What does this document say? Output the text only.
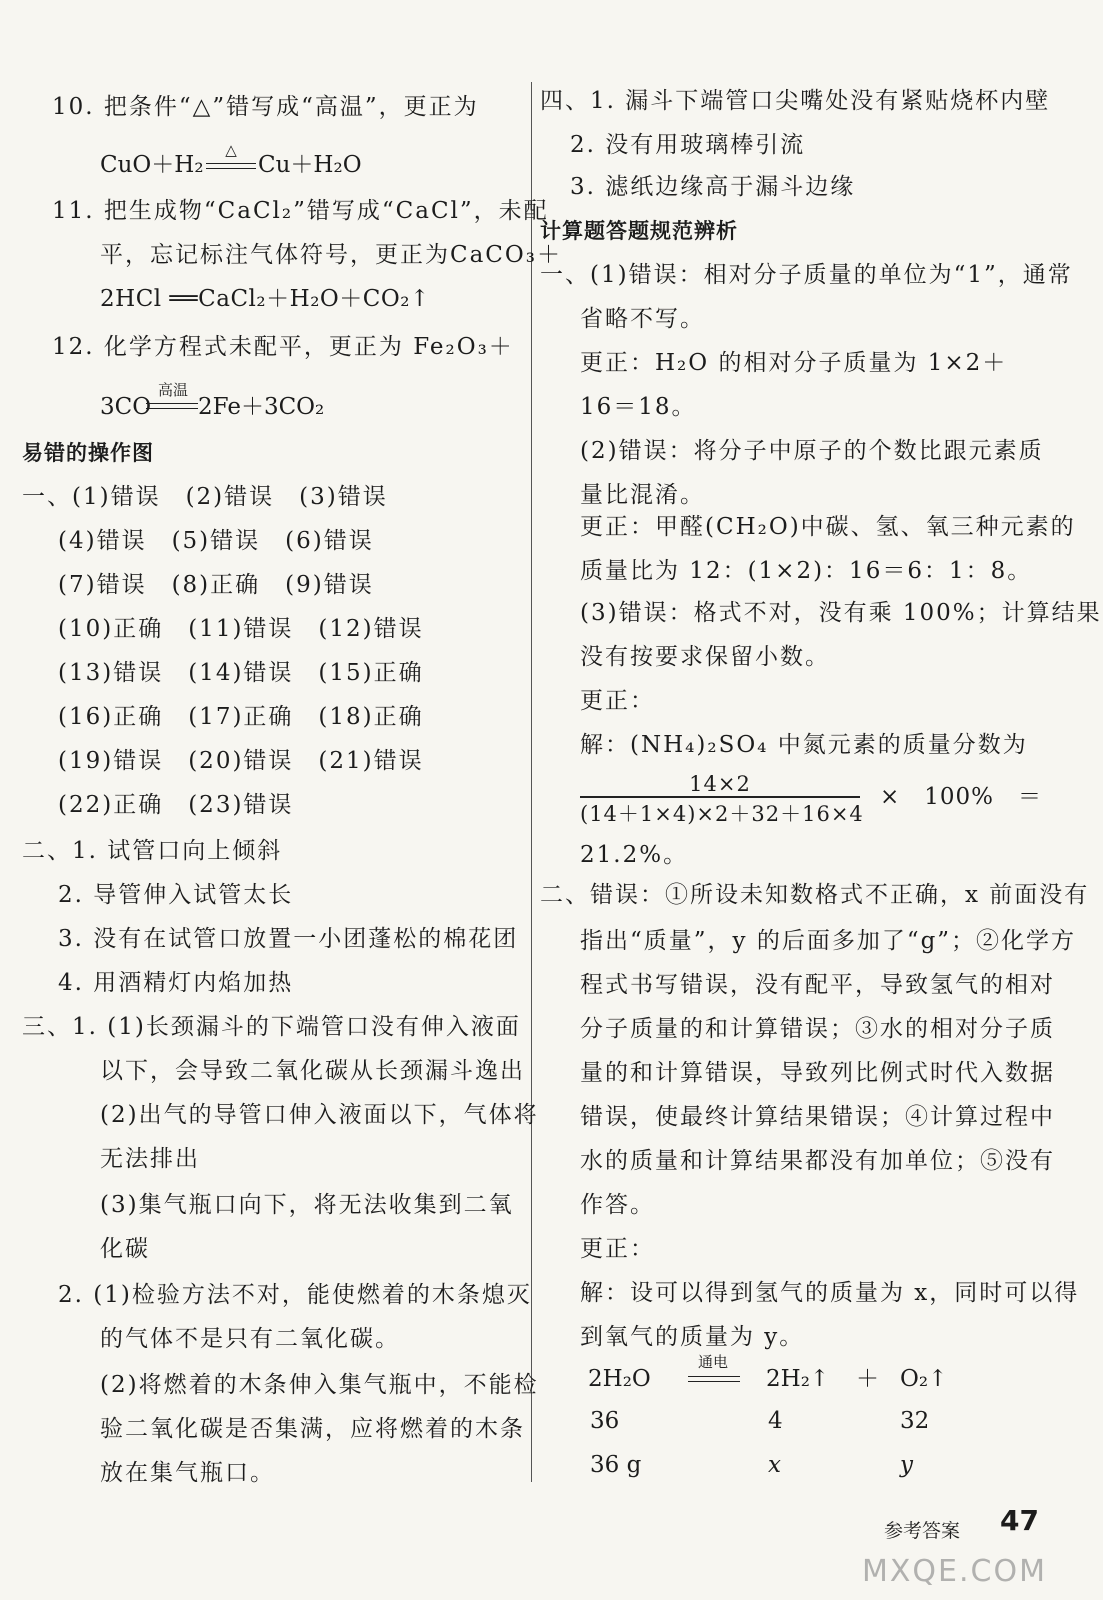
10. 把条件“△”错写成“高温”，更正为
CuO＋H₂
△
Cu＋H₂O
11. 把生成物“CaCl₂”错写成“CaCl”，未配
平，忘记标注气体符号，更正为CaCO₃＋
2HCl ══CaCl₂＋H₂O＋CO₂↑
12. 化学方程式未配平，更正为 Fe₂O₃＋
3CO
高温
2Fe＋3CO₂
易错的操作图
一、(1)错误　(2)错误　(3)错误
(4)错误　(5)错误　(6)错误
(7)错误　(8)正确　(9)错误
(10)正确　(11)错误　(12)错误
(13)错误　(14)错误　(15)正确
(16)正确　(17)正确　(18)正确
(19)错误　(20)错误　(21)错误
(22)正确　(23)错误
二、1. 试管口向上倾斜
2. 导管伸入试管太长
3. 没有在试管口放置一小团蓬松的棉花团
4. 用酒精灯内焰加热
三、1. (1)长颈漏斗的下端管口没有伸入液面
以下，会导致二氧化碳从长颈漏斗逸出
(2)出气的导管口伸入液面以下，气体将
无法排出
(3)集气瓶口向下，将无法收集到二氧
化碳
2. (1)检验方法不对，能使燃着的木条熄灭
的气体不是只有二氧化碳。
(2)将燃着的木条伸入集气瓶中，不能检
验二氧化碳是否集满，应将燃着的木条
放在集气瓶口。
四、1. 漏斗下端管口尖嘴处没有紧贴烧杯内壁
2. 没有用玻璃棒引流
3. 滤纸边缘高于漏斗边缘
计算题答题规范辨析
一、(1)错误：相对分子质量的单位为“1”，通常
省略不写。
更正：H₂O 的相对分子质量为 1×2＋
16＝18。
(2)错误：将分子中原子的个数比跟元素质
量比混淆。
更正：甲醛(CH₂O)中碳、氢、氧三种元素的
质量比为 12：(1×2)：16＝6：1：8。
(3)错误：格式不对，没有乘 100%；计算结果
没有按要求保留小数。
更正：
解：(NH₄)₂SO₄ 中氮元素的质量分数为
14×2
(14＋1×4)×2＋32＋16×4
×　100%　＝
21.2%。
二、错误：①所设未知数格式不正确，x 前面没有
指出“质量”，y 的后面多加了“g”；②化学方
程式书写错误，没有配平，导致氢气的相对
分子质量的和计算错误；③水的相对分子质
量的和计算错误，导致列比例式时代入数据
错误，使最终计算结果错误；④计算过程中
水的质量和计算结果都没有加单位；⑤没有
作答。
更正：
解：设可以得到氢气的质量为 x，同时可以得
到氧气的质量为 y。
2H₂O
通电
2H₂↑ ＋ O₂↑
36	4	32
36 g	x	y
参考答案 47
MXQE.COM
